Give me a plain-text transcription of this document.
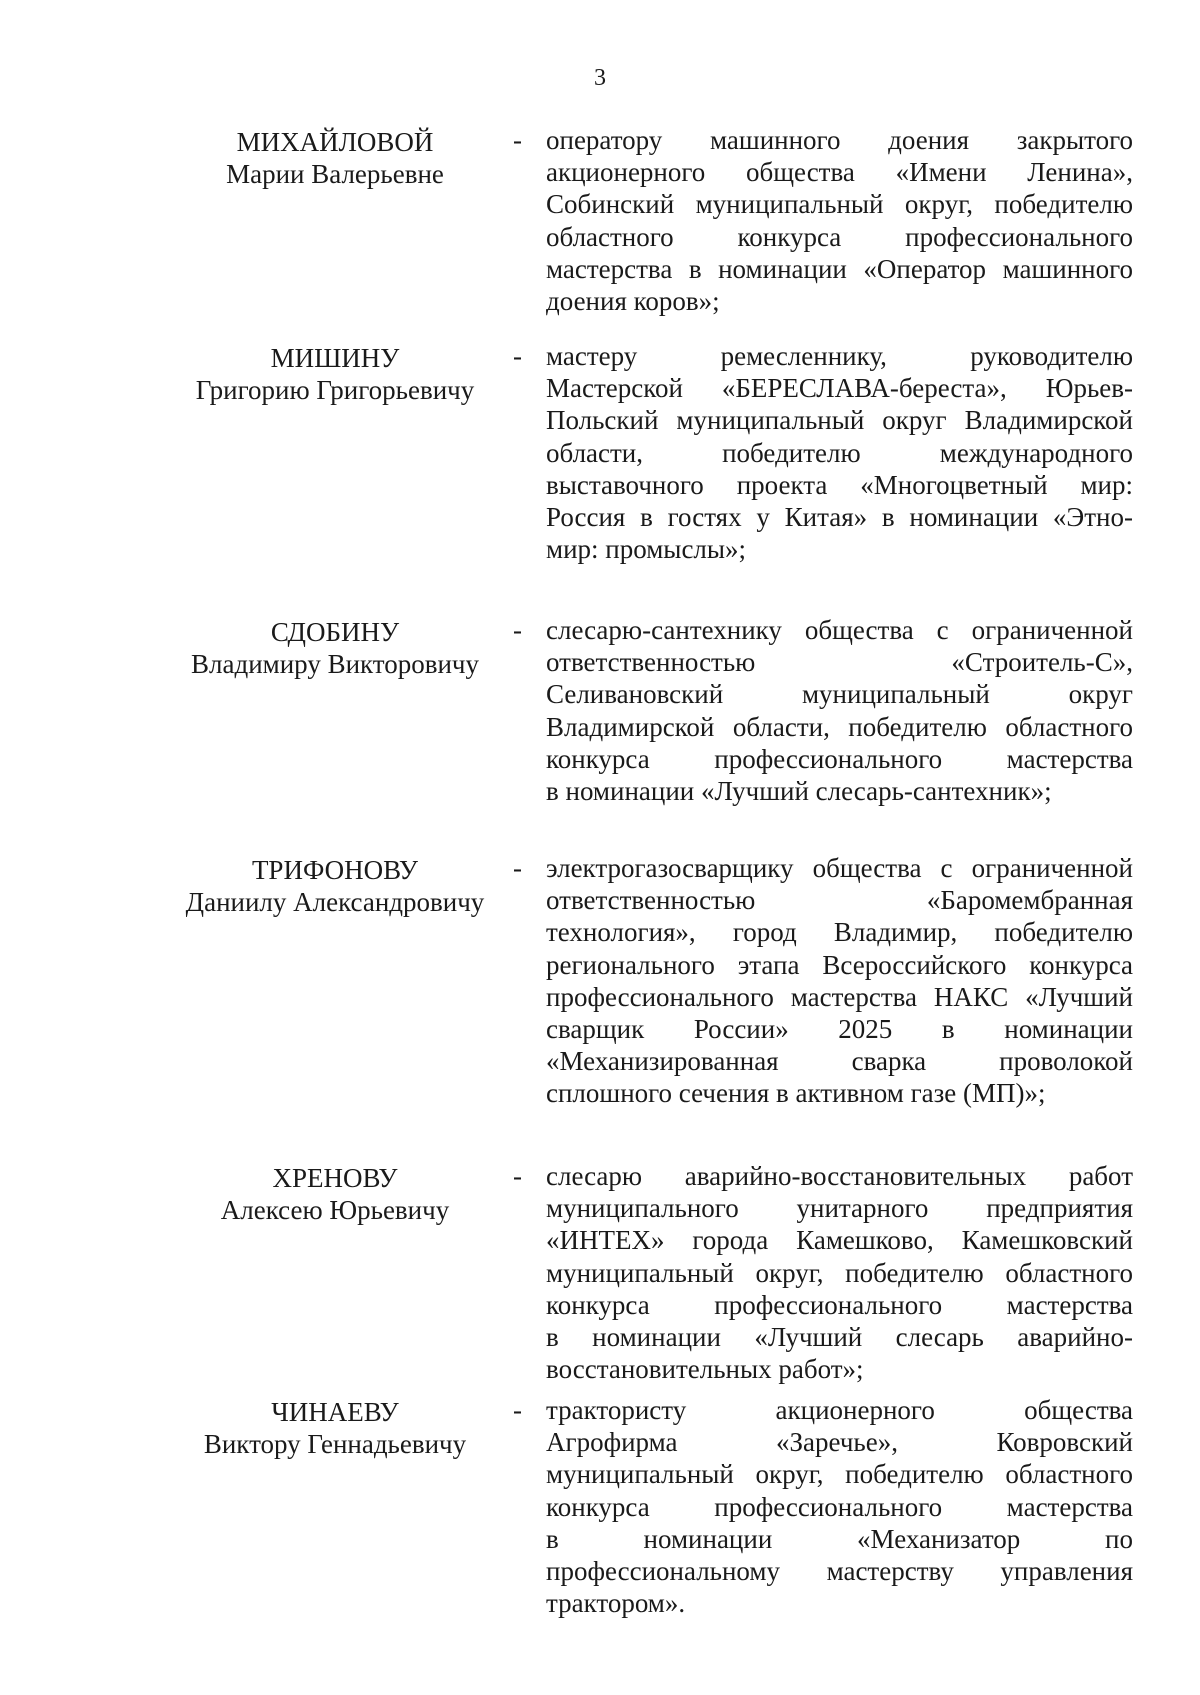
3
МИХАЙЛОВОЙ
Марии Валерьевне
- оператору машинного доения закрытого
акционерного общества «Имени Ленина»,
Собинский муниципальный округ, победителю
областного конкурса профессионального
мастерства в номинации «Оператор машинного
доения коров»;
МИШИНУ
Григорию Григорьевичу
- мастеру ремесленнику, руководителю
Мастерской «БЕРЕСЛАВА-береста», Юрьев-
Польский муниципальный округ Владимирской
области, победителю международного
выставочного проекта «Многоцветный мир:
Россия в гостях у Китая» в номинации «Этно-
мир: промыслы»;
СДОБИНУ
Владимиру Викторовичу
- слесарю-сантехнику общества с ограниченной
ответственностью «Строитель-С»,
Селивановский муниципальный округ
Владимирской области, победителю областного
конкурса профессионального мастерства
в номинации «Лучший слесарь-сантехник»;
ТРИФОНОВУ
Даниилу Александровичу
- электрогазосварщику общества с ограниченной
ответственностью «Баромембранная
технология», город Владимир, победителю
регионального этапа Всероссийского конкурса
профессионального мастерства НАКС «Лучший
сварщик России» 2025 в номинации
«Механизированная сварка проволокой
сплошного сечения в активном газе (МП)»;
ХРЕНОВУ
Алексею Юрьевичу
- слесарю аварийно-восстановительных работ
муниципального унитарного предприятия
«ИНТЕХ» города Камешково, Камешковский
муниципальный округ, победителю областного
конкурса профессионального мастерства
в номинации «Лучший слесарь аварийно-
восстановительных работ»;
ЧИНАЕВУ
Виктору Геннадьевичу
- трактористу акционерного общества
Агрофирма «Заречье», Ковровский
муниципальный округ, победителю областного
конкурса профессионального мастерства
в номинации «Механизатор по
профессиональному мастерству управления
трактором».
